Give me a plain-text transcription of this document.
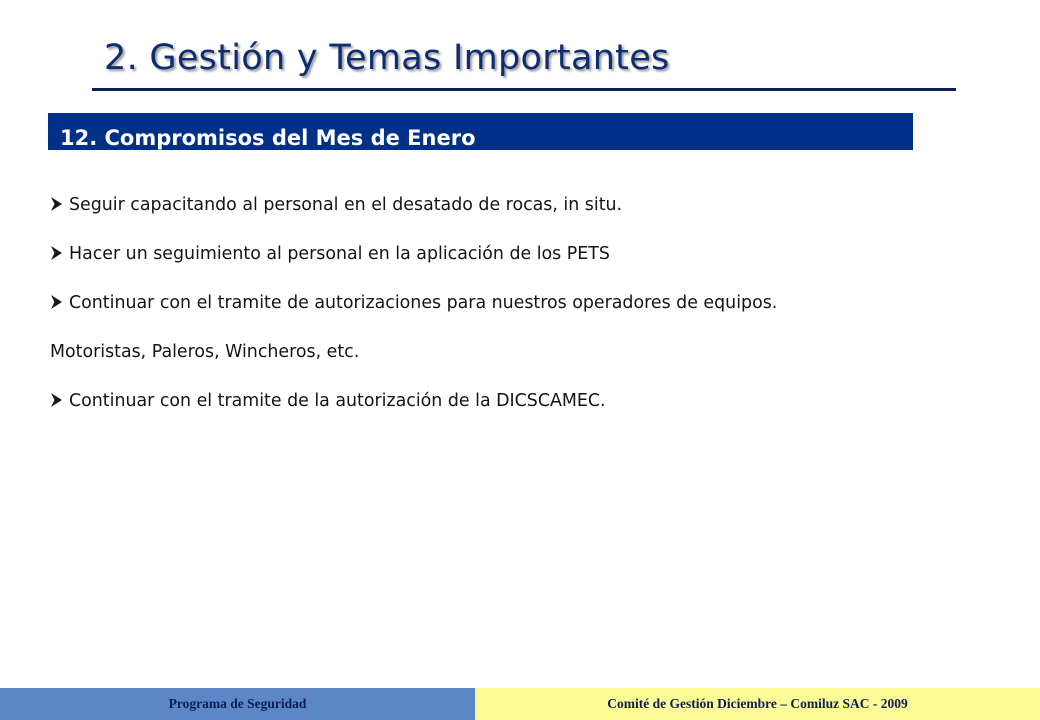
2. Gestión y Temas Importantes
12. Compromisos del Mes de Enero
Seguir capacitando al personal en el desatado de rocas, in situ.
Hacer un seguimiento al personal en la aplicación de los PETS
Continuar con el tramite de autorizaciones para nuestros operadores de equipos.
Motoristas, Paleros, Wincheros, etc.
Continuar con el tramite de la autorización de la DICSCAMEC.
Programa de Seguridad	Comité de Gestión Diciembre – Comiluz SAC - 2009
